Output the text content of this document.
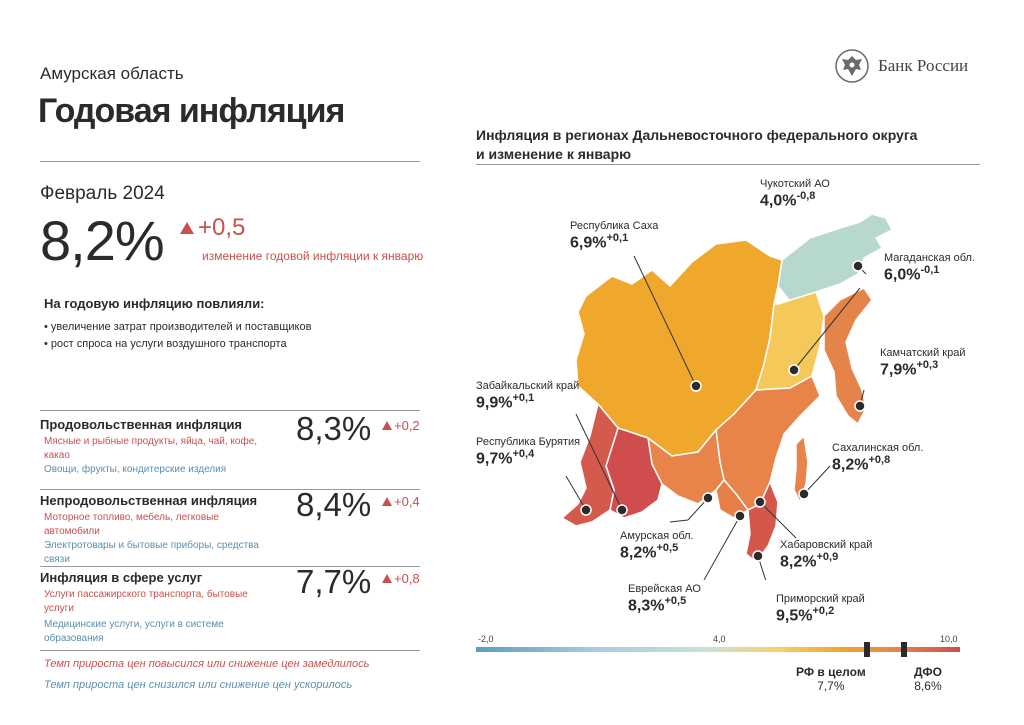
Амурская область
Годовая инфляция
Банк России
Февраль 2024
8,2% +0,5
изменение годовой инфляции к январю
На годовую инфляцию повлияли:
• увеличение затрат производителей и поставщиков
• рост спроса на услуги воздушного транспорта
Продовольственная инфляция
Мясные и рыбные продукты, яйца, чай, кофе, какао
Овощи, фрукты, кондитерские изделия
8,3% +0,2
Непродовольственная инфляция
Моторное топливо, мебель, легковые автомобили
Электротовары и бытовые приборы, средства связи
8,4% +0,4
Инфляция в сфере услуг
Услуги пассажирского транспорта, бытовые услуги
Медицинские услуги, услуги в системе образования
7,7% +0,8
Темп прироста цен повысился или снижение цен замедлилось
Темп прироста цен снизился или снижение цен ускорилось
Инфляция в регионах Дальневосточного федерального округа
и изменение к январю
Чукотский АО
4,0%$^{-0,8}$
Республика Саха
6,9%$^{+0,1}$
Магаданская обл.
6,0%$^{-0,1}$
Камчатский край
7,9%$^{+0,3}$
Забайкальский край
9,9%$^{+0,1}$
Республика Бурятия
9,7%$^{+0,4}$	Сахалинская обл.
8,2%$^{+0,8}$
Амурская обл.
8,2%$^{+0,5}$	Хабаровский край
8,2%$^{+0,9}$
Еврейская АО
8,3%$^{+0,5}$	Приморский край
9,5%$^{+0,2}$
-2,0	4,0	10,0
РФ в целом
7,7%
ДФО
8,6%
